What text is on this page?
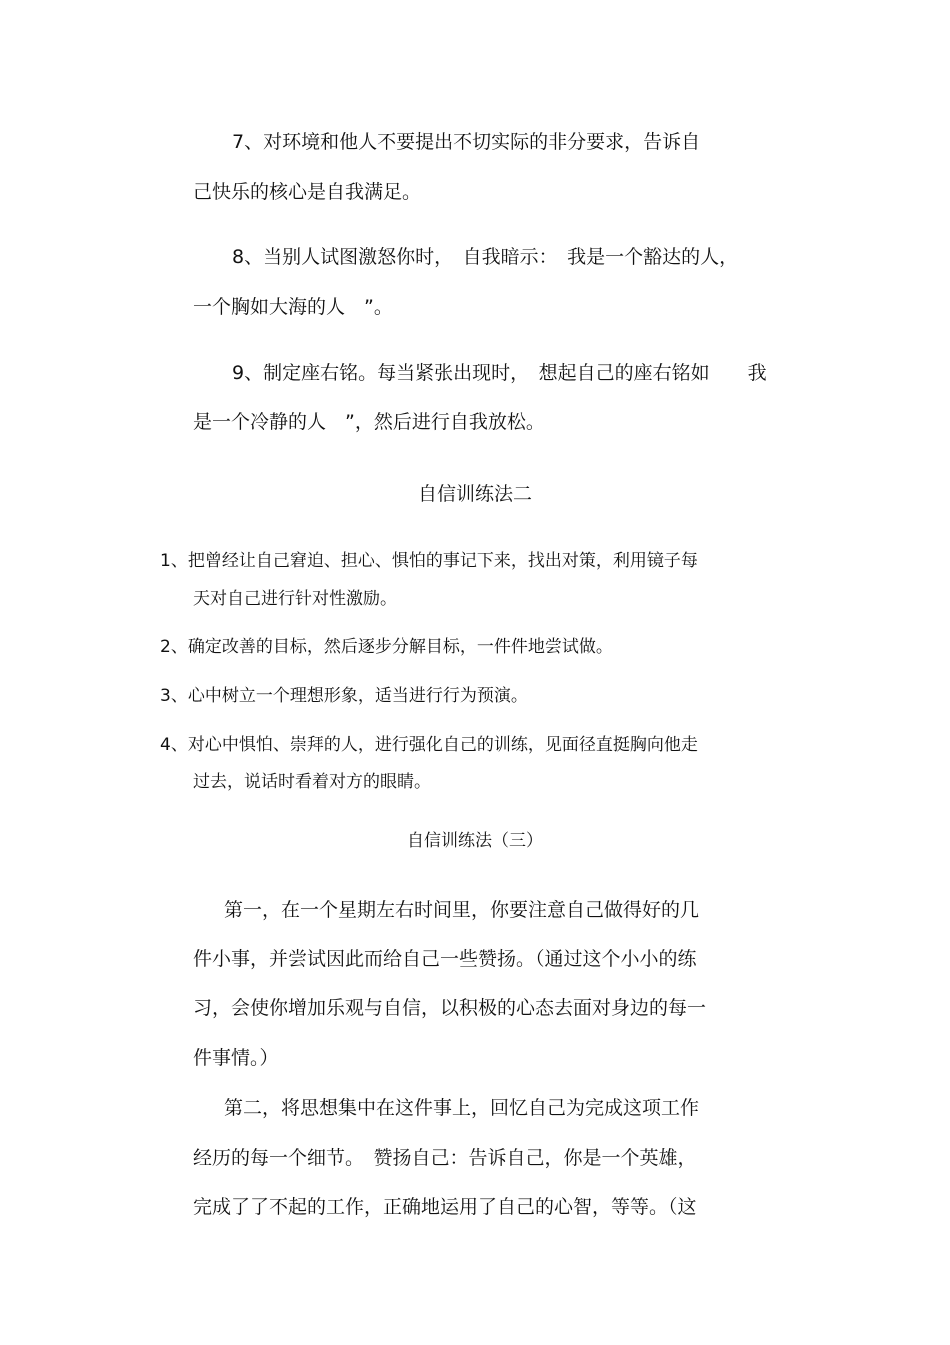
7、对环境和他人不要提出不切实际的非分要求，告诉自
己快乐的核心是自我满足。
8、当别人试图激怒你时，　自我暗示：　我是一个豁达的人，
一个胸如大海的人　”。
9、制定座右铭。每当紧张出现时，　想起自己的座右铭如　　我
是一个冷静的人　”，然后进行自我放松。
自信训练法二
1、把曾经让自己窘迫、担心、惧怕的事记下来，找出对策，利用镜子每
天对自己进行针对性激励。
2、确定改善的目标，然后逐步分解目标，一件件地尝试做。
3、心中树立一个理想形象，适当进行行为预演。
4、对心中惧怕、崇拜的人，进行强化自己的训练，见面径直挺胸向他走
过去，说话时看着对方的眼睛。
自信训练法（三）
第一，在一个星期左右时间里，你要注意自己做得好的几
件小事，并尝试因此而给自己一些赞扬。（通过这个小小的练
习，会使你增加乐观与自信，以积极的心态去面对身边的每一
件事情。）
第二，将思想集中在这件事上，回忆自己为完成这项工作
经历的每一个细节。　赞扬自己：告诉自己，你是一个英雄，
完成了了不起的工作，正确地运用了自己的心智，等等。（这
